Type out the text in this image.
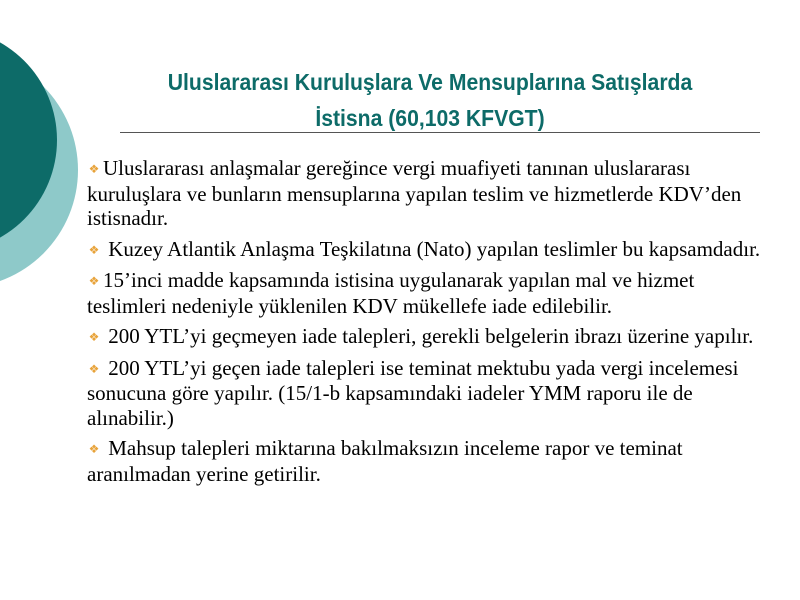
Uluslararası Kuruluşlara Ve Mensuplarına Satışlarda
İstisna (60,103 KFVGT)
❖ Uluslararası anlaşmalar gereğince vergi muafiyeti tanınan uluslararası kuruluşlara ve bunların mensuplarına yapılan teslim ve hizmetlerde KDV’den istisnadır.
❖ Kuzey Atlantik Anlaşma Teşkilatına (Nato) yapılan teslimler bu kapsamdadır.
❖ 15’inci madde kapsamında istisina uygulanarak yapılan mal ve hizmet teslimleri nedeniyle yüklenilen KDV mükellefe iade edilebilir.
❖ 200 YTL’yi geçmeyen iade talepleri, gerekli belgelerin ibrazı üzerine yapılır.
❖ 200 YTL’yi geçen iade talepleri ise teminat mektubu yada vergi incelemesi sonucuna göre yapılır. (15/1-b kapsamındaki iadeler YMM raporu ile de alınabilir.)
❖ Mahsup talepleri miktarına bakılmaksızın inceleme rapor ve teminat aranılmadan yerine getirilir.
